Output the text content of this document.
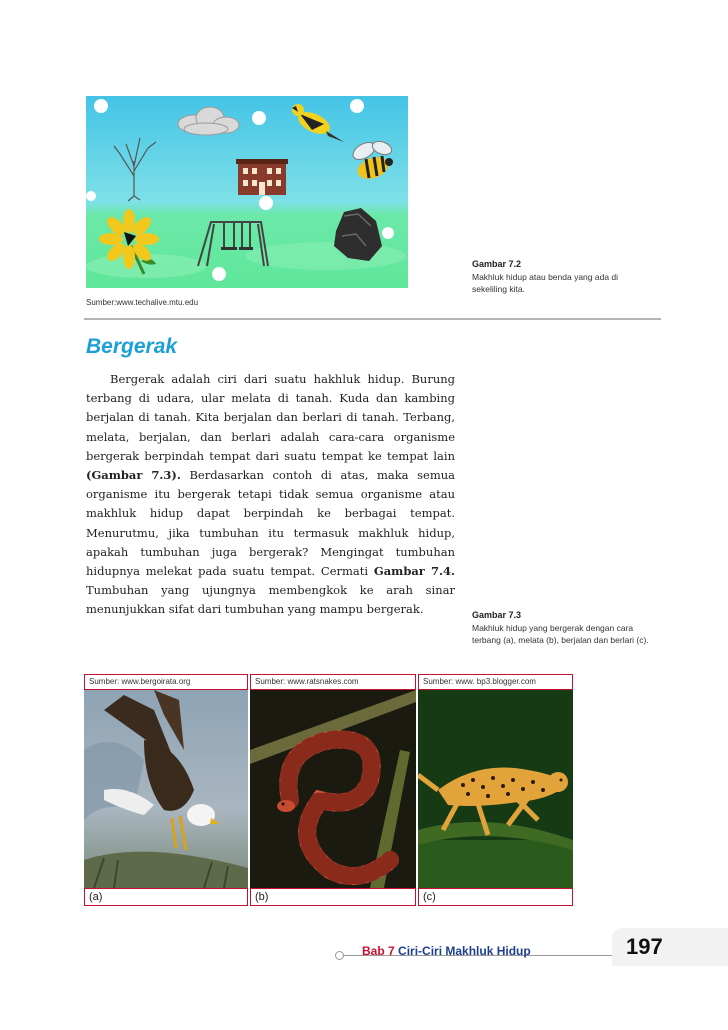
Gambar 7.2
Makhluk hidup atau benda yang ada di sekeliling kita.
Sumber:www.techalive.mtu.edu
Bergerak

Bergerak adalah ciri dari suatu hakhluk hidup. Burung

terbang di udara, ular melata di tanah. Kuda dan kambing

berjalan di tanah. Kita berjalan dan berlari di tanah. Terbang,

melata, berjalan, dan berlari adalah cara-cara organisme

bergerak berpindah tempat dari suatu tempat ke tempat lain

(Gambar 7.3). Berdasarkan contoh di atas, maka semua

organisme itu bergerak tetapi tidak semua organisme atau

makhluk hidup dapat berpindah ke berbagai tempat.

Menurutmu, jika tumbuhan itu termasuk makhluk hidup,

apakah tumbuhan juga bergerak? Mengingat tumbuhan

hidupnya melekat pada suatu tempat. Cermati Gambar 7.4.

Tumbuhan yang ujungnya membengkok ke arah sinar

menunjukkan sifat dari tumbuhan yang mampu bergerak.	Gambar 7.3
Makhluk hidup yang bergerak dengan cara terbang (a), melata (b), berjalan dan berlari (c).
Sumber: www.bergoirata.org	Sumber: www.ratsnakes.com	Sumber: www. bp3.blogger.com
(a)	(b)	(c)
Bab 7 Ciri-Ciri Makhluk Hidup	197
